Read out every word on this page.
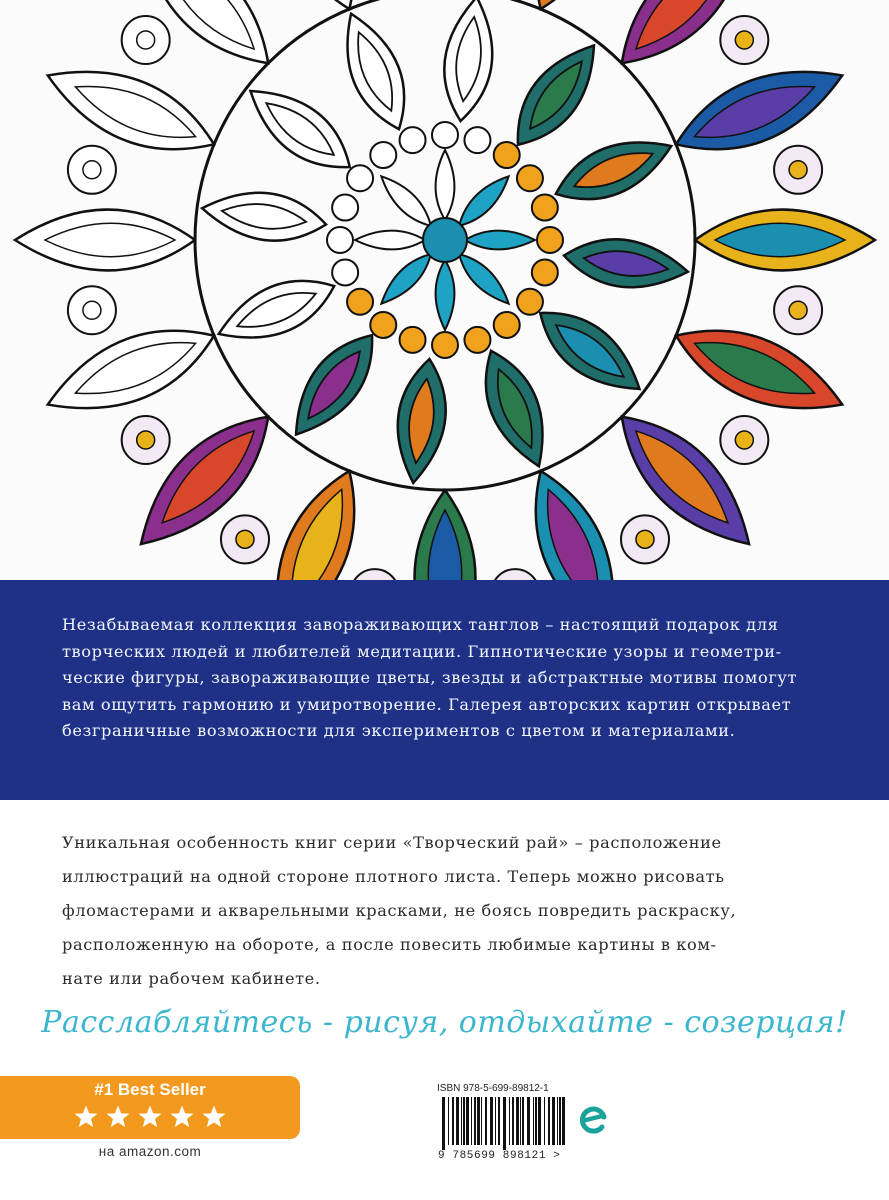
Незабываемая коллекция завораживающих танглов – настоящий подарок для
творческих людей и любителей медитации. Гипнотические узоры и геометри-
ческие фигуры, завораживающие цветы, звезды и абстрактные мотивы помогут
вам ощутить гармонию и умиротворение. Галерея авторских картин открывает
безграничные возможности для экспериментов с цветом и материалами.
Уникальная особенность книг серии «Творческий рай» – расположение
иллюстраций на одной стороне плотного листа. Теперь можно рисовать
фломастерами и акварельными красками, не боясь повредить раскраску,
расположенную на обороте, а после повесить любимые картины в ком-
нате или рабочем кабинете.
Расслабляйтесь - рисуя, отдыхайте - созерцая!
#1 Best Seller
на amazon.com
ISBN 978-5-699-89812-1
9 785699 898121 >
